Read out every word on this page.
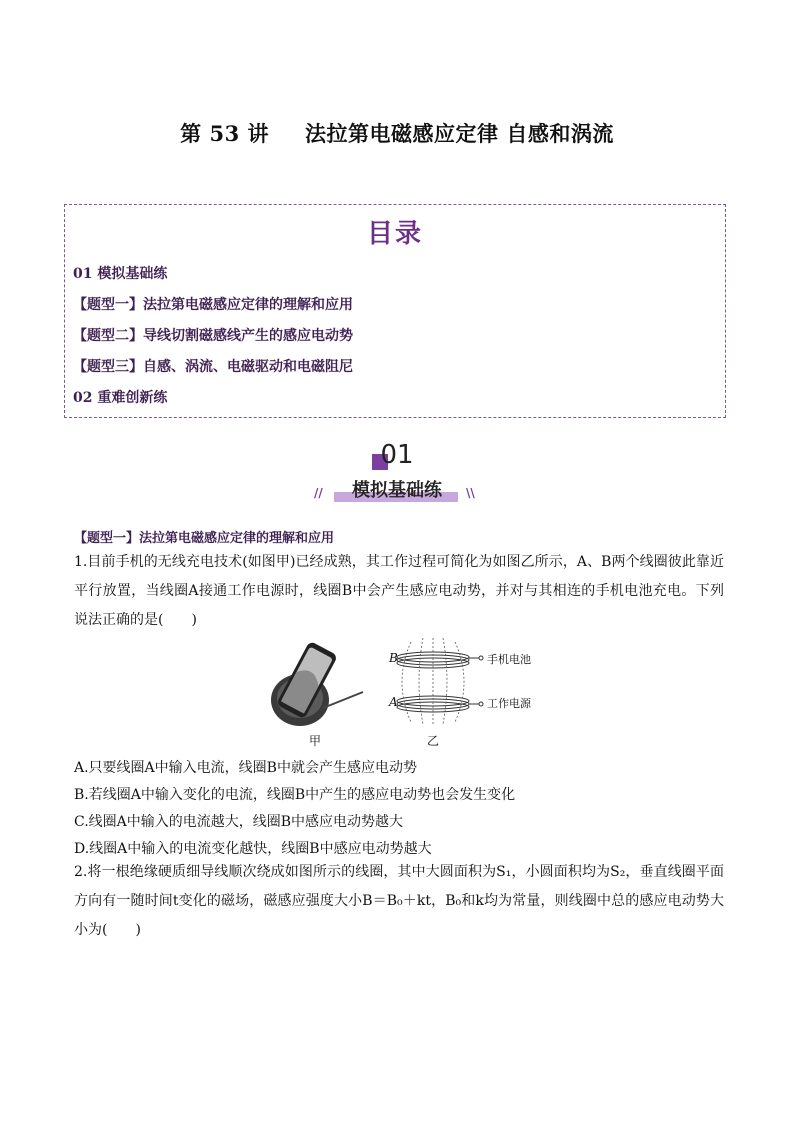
第 53 讲 法拉第电磁感应定律 自感和涡流
目录
01 模拟基础练
【题型一】法拉第电磁感应定律的理解和应用
【题型二】导线切割磁感线产生的感应电动势
【题型三】自感、涡流、电磁驱动和电磁阻尼
02 重难创新练
01
//	模拟基础练	\\
【题型一】法拉第电磁感应定律的理解和应用
1.目前手机的无线充电技术(如图甲)已经成熟，其工作过程可简化为如图乙所示，A、B两个线圈彼此靠近平行放置，当线圈A接通工作电源时，线圈B中会产生感应电动势，并对与其相连的手机电池充电。下列说法正确的是(　　)
B
A
手机电池
工作电源
甲	乙
A.只要线圈A中输入电流，线圈B中就会产生感应电动势
B.若线圈A中输入变化的电流，线圈B中产生的感应电动势也会发生变化
C.线圈A中输入的电流越大，线圈B中感应电动势越大
D.线圈A中输入的电流变化越快，线圈B中感应电动势越大
2.将一根绝缘硬质细导线顺次绕成如图所示的线圈，其中大圆面积为S₁，小圆面积均为S₂，垂直线圈平面方向有一随时间t变化的磁场，磁感应强度大小B＝B₀＋kt，B₀和k均为常量，则线圈中总的感应电动势大小为(　　)
